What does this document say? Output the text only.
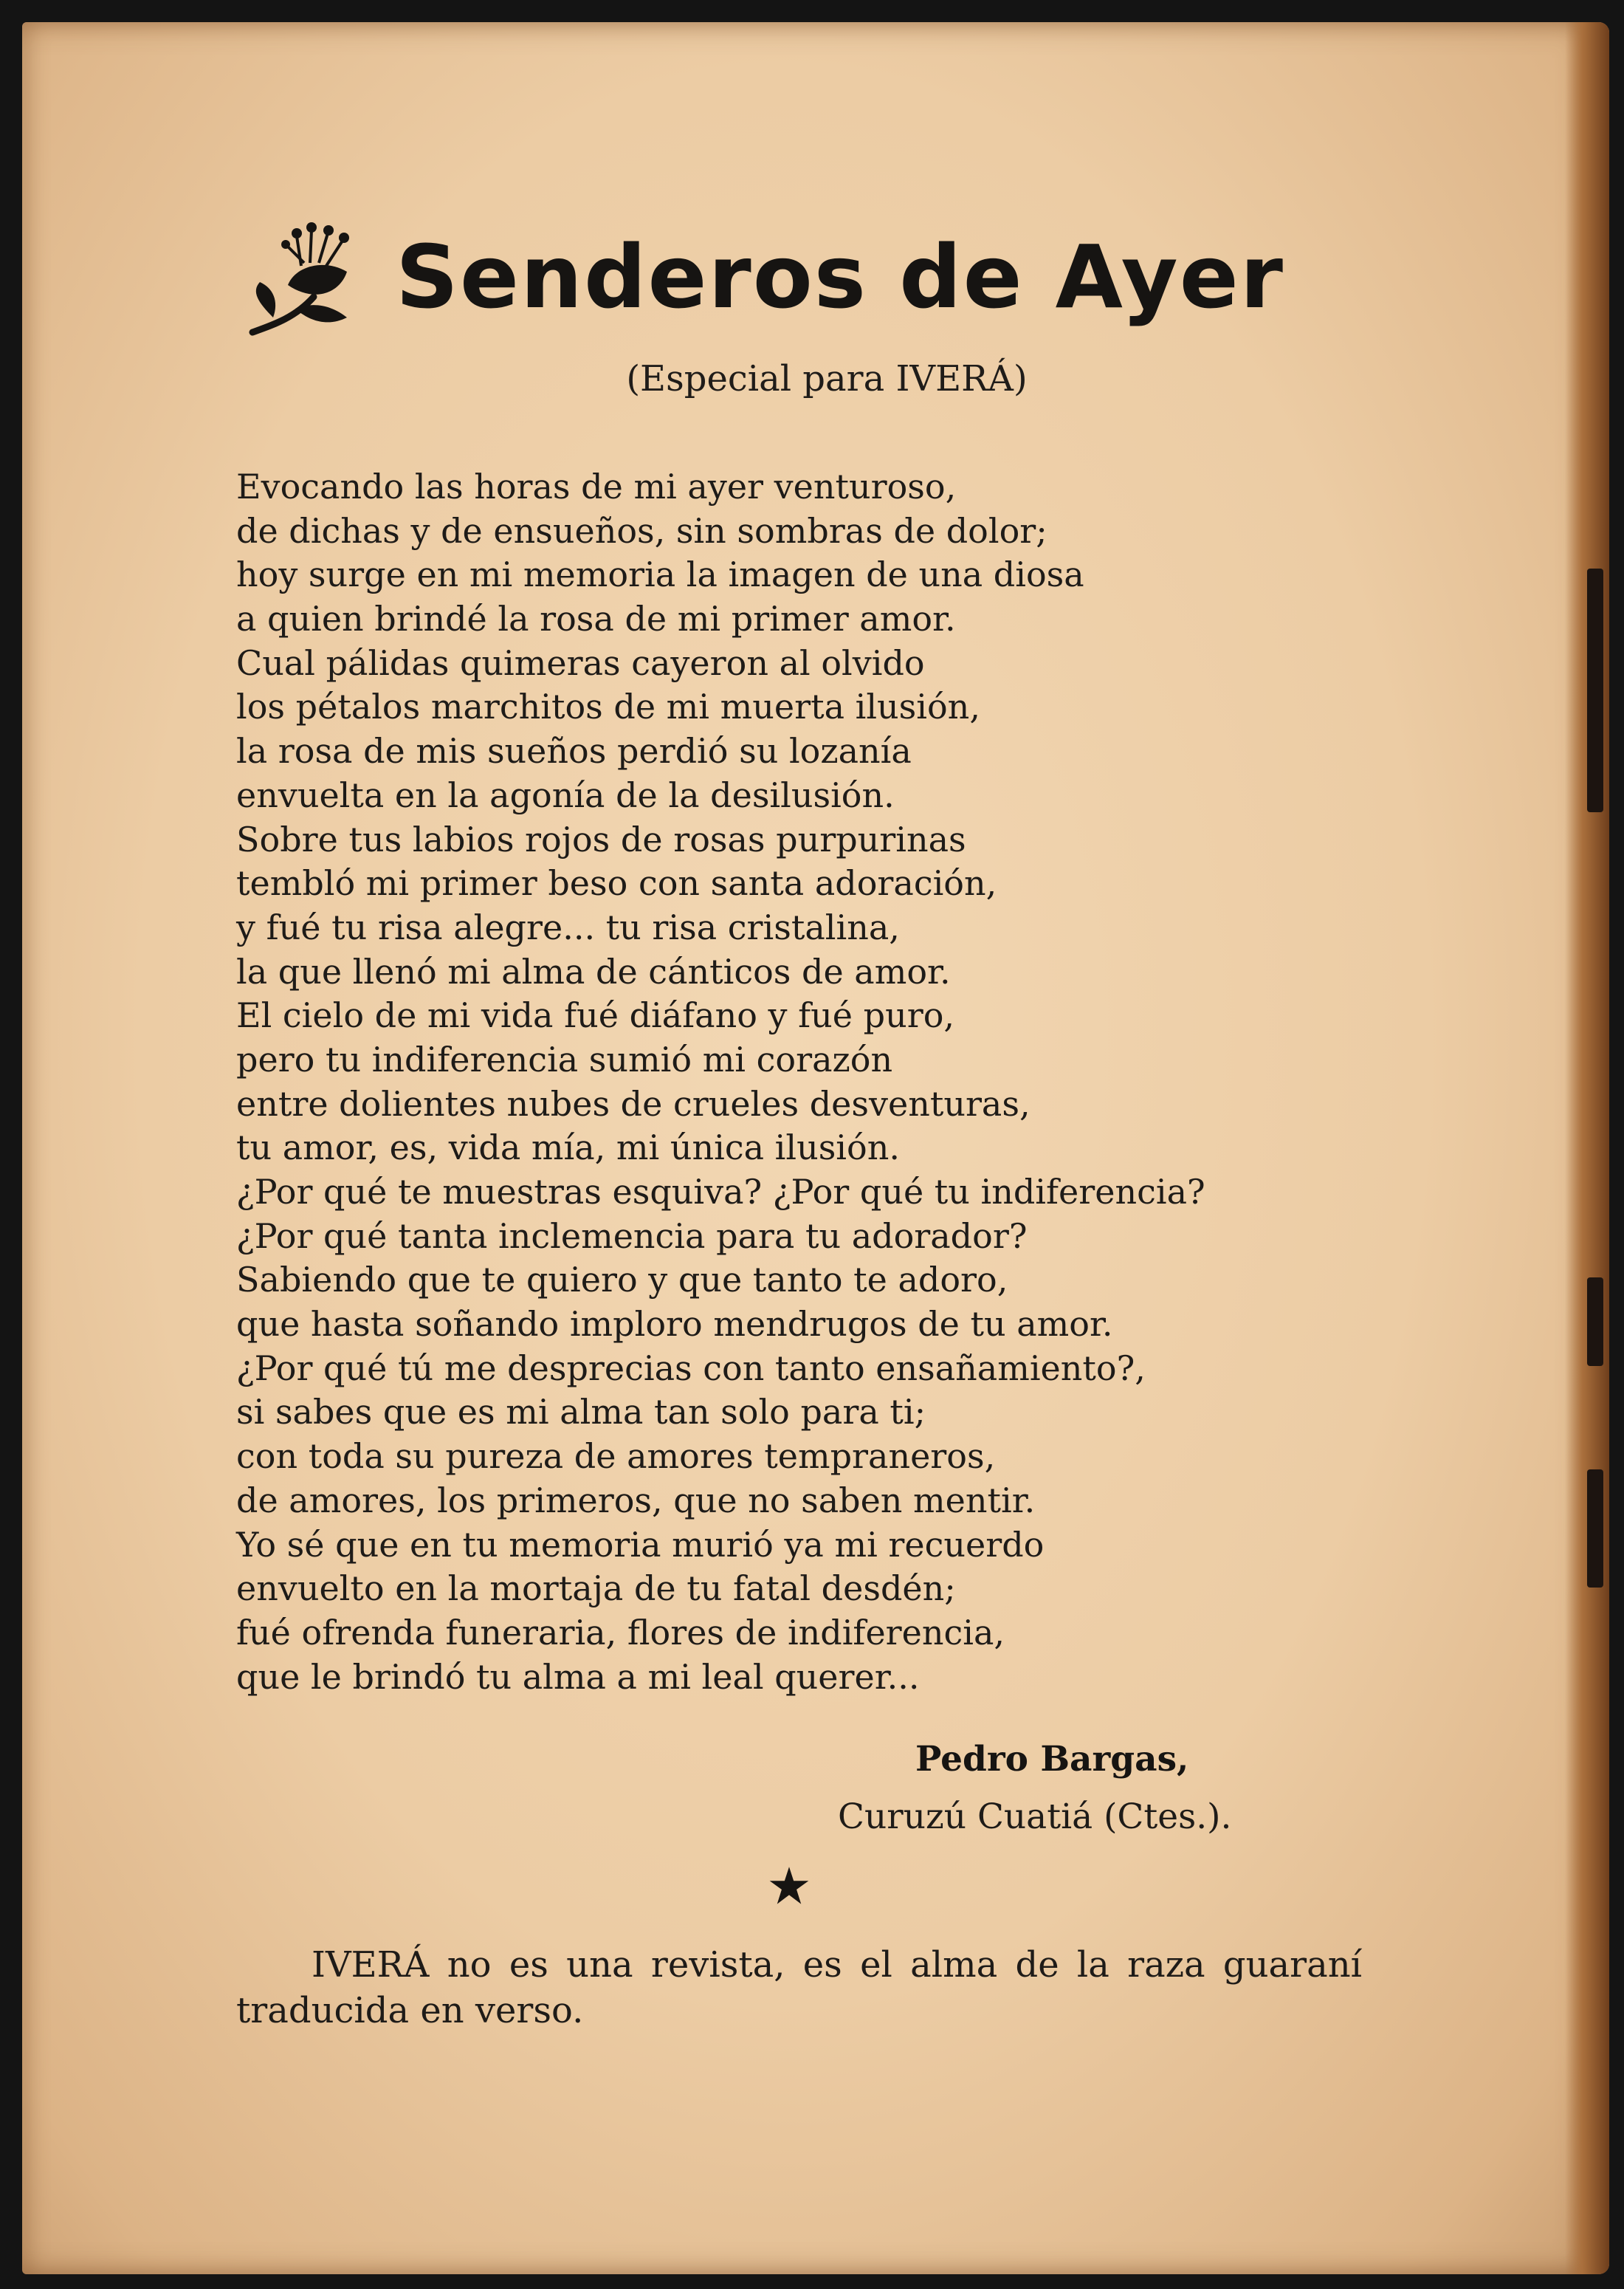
Senderos de Ayer
(Especial para IVERÁ)
Evocando las horas de mi ayer venturoso,
de dichas y de ensueños, sin sombras de dolor;
hoy surge en mi memoria la imagen de una diosa
a quien brindé la rosa de mi primer amor.
Cual pálidas quimeras cayeron al olvido
los pétalos marchitos de mi muerta ilusión,
la rosa de mis sueños perdió su lozanía
envuelta en la agonía de la desilusión.
Sobre tus labios rojos de rosas purpurinas
tembló mi primer beso con santa adoración,
y fué tu risa alegre... tu risa cristalina,
la que llenó mi alma de cánticos de amor.
El cielo de mi vida fué diáfano y fué puro,
pero tu indiferencia sumió mi corazón
entre dolientes nubes de crueles desventuras,
tu amor, es, vida mía, mi única ilusión.
¿Por qué te muestras esquiva? ¿Por qué tu indiferencia?
¿Por qué tanta inclemencia para tu adorador?
Sabiendo que te quiero y que tanto te adoro,
que hasta soñando imploro mendrugos de tu amor.
¿Por qué tú me desprecias con tanto ensañamiento?,
si sabes que es mi alma tan solo para ti;
con toda su pureza de amores tempraneros,
de amores, los primeros, que no saben mentir.
Yo sé que en tu memoria murió ya mi recuerdo
envuelto en la mortaja de tu fatal desdén;
fué ofrenda funeraria, flores de indiferencia,
que le brindó tu alma a mi leal querer...
Pedro Bargas,
Curuzú Cuatiá (Ctes.).
IVERÁ no es una revista, es el alma de la raza guaraní traducida en verso.
